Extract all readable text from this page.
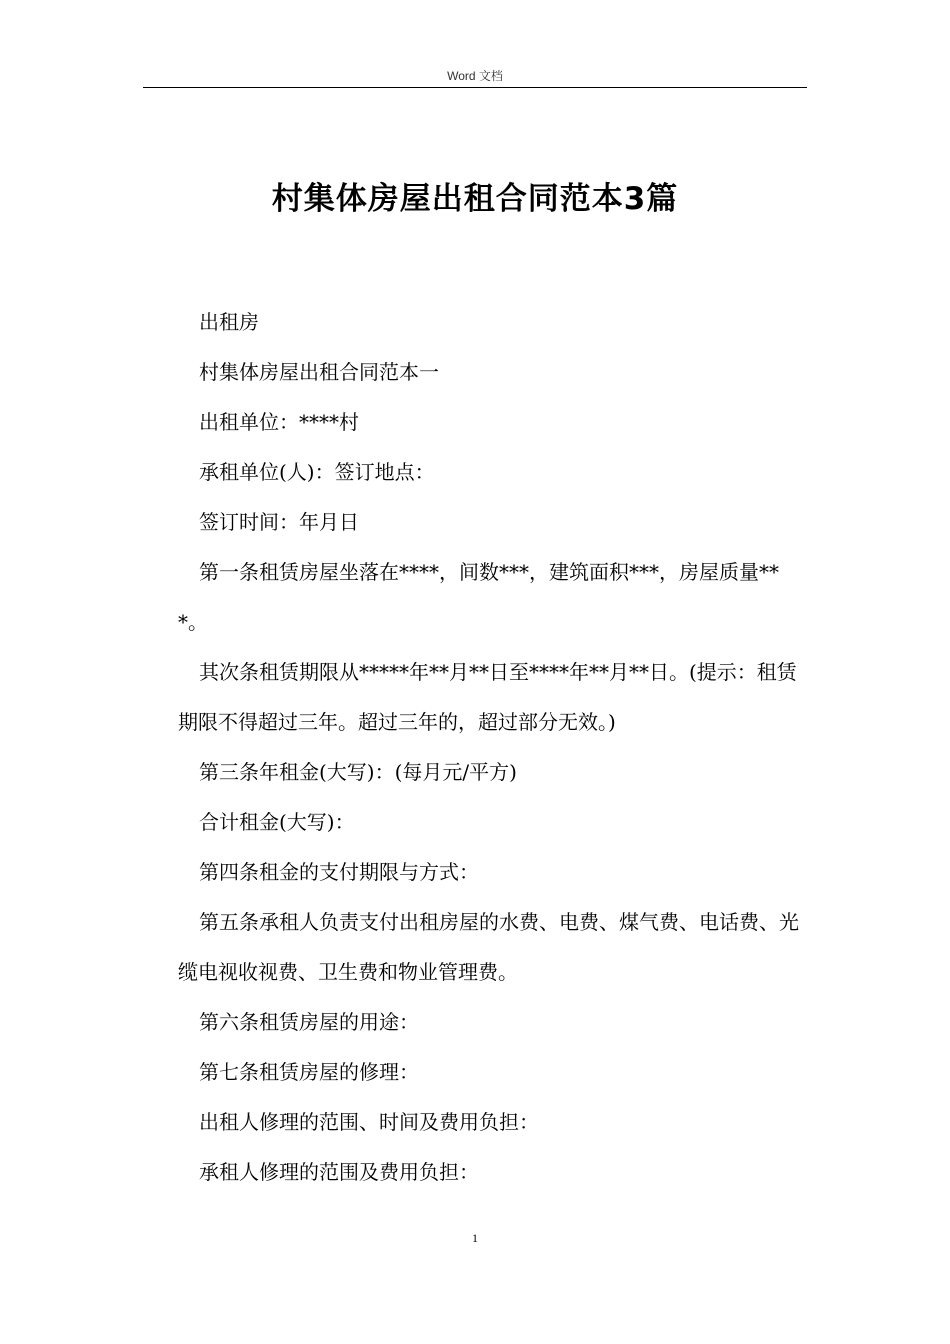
Word 文档
村集体房屋出租合同范本3篇

出租房

村集体房屋出租合同范本一

出租单位：****村

承租单位(人)：签订地点：

签订时间：年月日

第一条租赁房屋坐落在****，间数***，建筑面积***，房屋质量***。

其次条租赁期限从*****年**月**日至****年**月**日。(提示：租赁期限不得超过三年。超过三年的，超过部分无效。)

第三条年租金(大写)：(每月元/平方)

合计租金(大写)：

第四条租金的支付期限与方式：

第五条承租人负责支付出租房屋的水费、电费、煤气费、电话费、光缆电视收视费、卫生费和物业管理费。

第六条租赁房屋的用途：

第七条租赁房屋的修理：

出租人修理的范围、时间及费用负担：

承租人修理的范围及费用负担：

1
